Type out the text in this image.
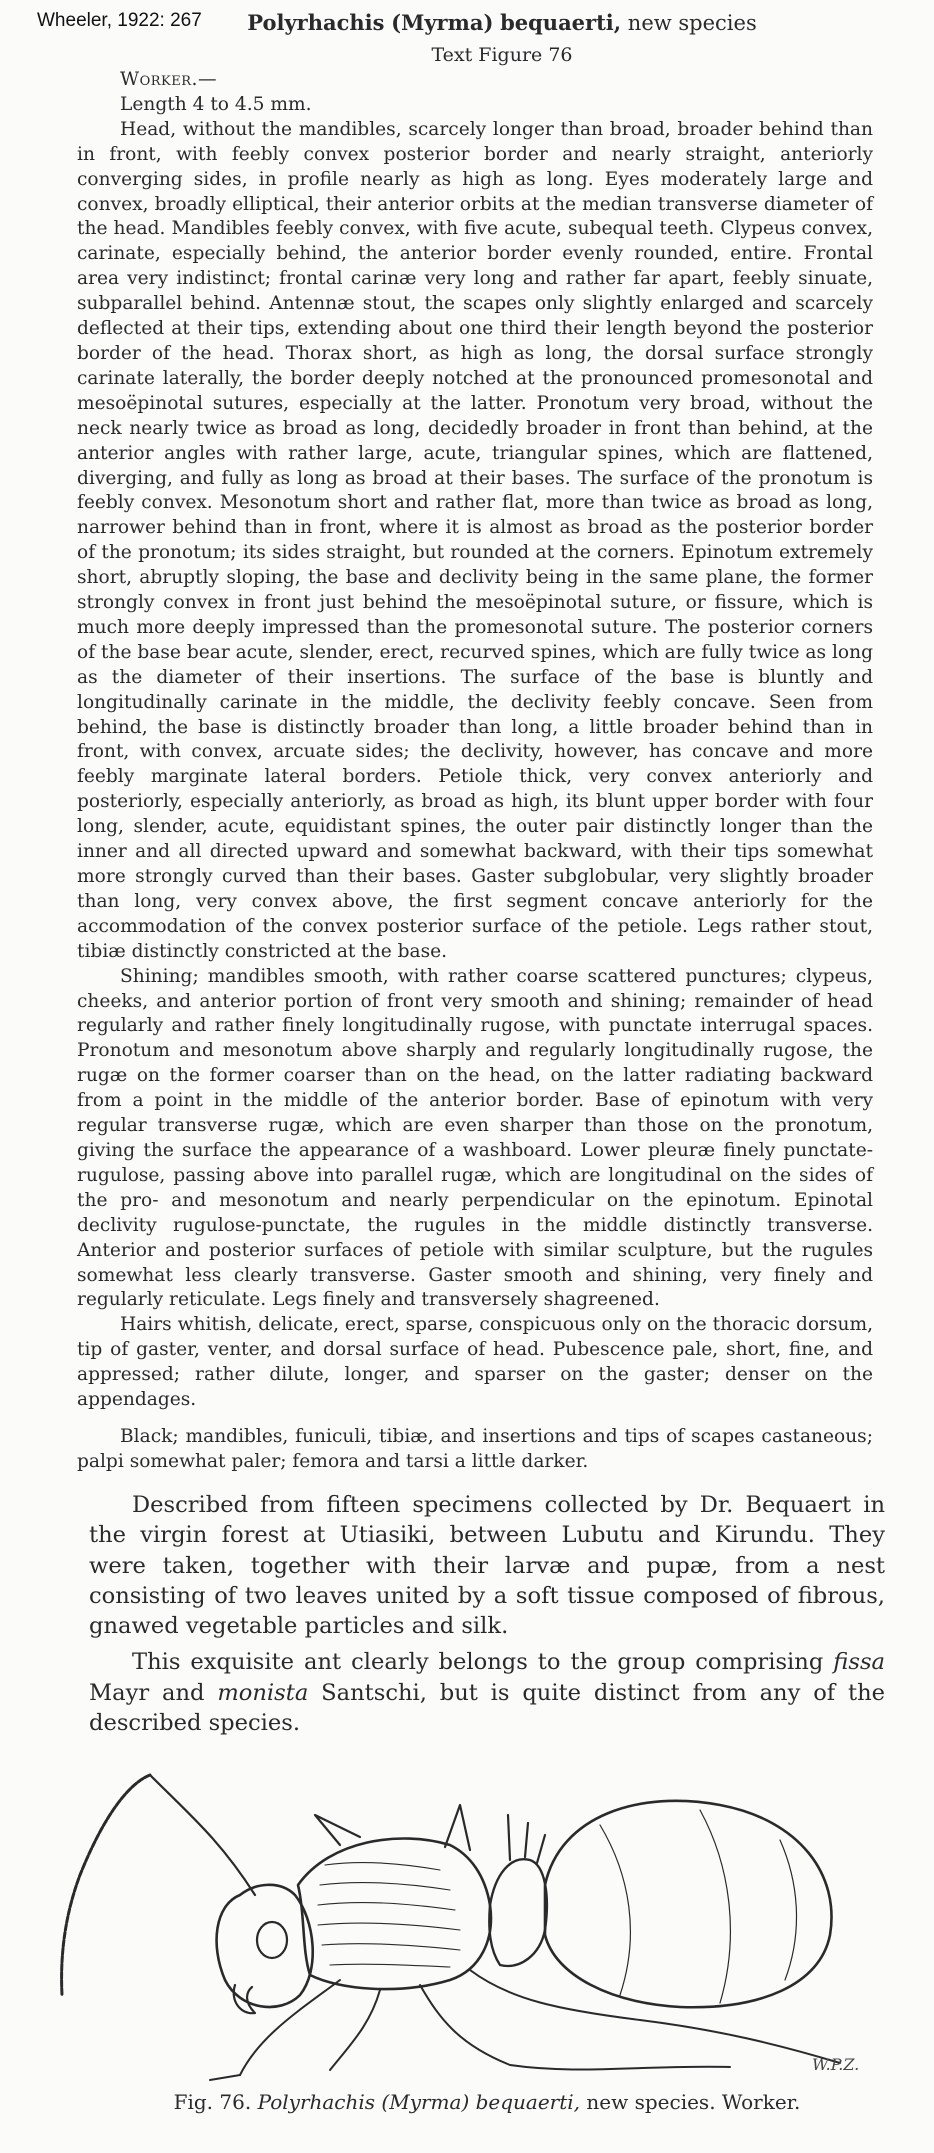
Wheeler, 1922: 267	Polyrhachis (Myrma) bequaerti, new species
Text Figure 76

Worker.—

Length 4 to 4.5 mm.

Head, without the mandibles, scarcely longer than broad, broader behind than in front, with feebly convex posterior border and nearly straight, anteriorly converging sides, in profile nearly as high as long. Eyes moderately large and convex, broadly elliptical, their anterior orbits at the median transverse diameter of the head. Mandibles feebly convex, with five acute, subequal teeth. Clypeus convex, carinate, especially behind, the anterior border evenly rounded, entire. Frontal area very indistinct; frontal carinæ very long and rather far apart, feebly sinuate, subparallel behind. Antennæ stout, the scapes only slightly enlarged and scarcely deflected at their tips, extending about one third their length beyond the posterior border of the head. Thorax short, as high as long, the dorsal surface strongly carinate laterally, the border deeply notched at the pronounced promesonotal and mesoëpinotal sutures, especially at the latter. Pronotum very broad, without the neck nearly twice as broad as long, decidedly broader in front than behind, at the anterior angles with rather large, acute, triangular spines, which are flattened, diverging, and fully as long as broad at their bases. The surface of the pronotum is feebly convex. Mesonotum short and rather flat, more than twice as broad as long, narrower behind than in front, where it is almost as broad as the posterior border of the pronotum; its sides straight, but rounded at the corners. Epinotum extremely short, abruptly sloping, the base and declivity being in the same plane, the former strongly convex in front just behind the mesoëpinotal suture, or fissure, which is much more deeply impressed than the promesonotal suture. The posterior corners of the base bear acute, slender, erect, recurved spines, which are fully twice as long as the diameter of their insertions. The surface of the base is bluntly and longitudinally carinate in the middle, the declivity feebly concave. Seen from behind, the base is distinctly broader than long, a little broader behind than in front, with convex, arcuate sides; the declivity, however, has concave and more feebly marginate lateral borders. Petiole thick, very convex anteriorly and posteriorly, especially anteriorly, as broad as high, its blunt upper border with four long, slender, acute, equidistant spines, the outer pair distinctly longer than the inner and all directed upward and somewhat backward, with their tips somewhat more strongly curved than their bases. Gaster subglobular, very slightly broader than long, very convex above, the first segment concave anteriorly for the accommodation of the convex posterior surface of the petiole. Legs rather stout, tibiæ distinctly constricted at the base.

Shining; mandibles smooth, with rather coarse scattered punctures; clypeus, cheeks, and anterior portion of front very smooth and shining; remainder of head regularly and rather finely longitudinally rugose, with punctate interrugal spaces. Pronotum and mesonotum above sharply and regularly longitudinally rugose, the rugæ on the former coarser than on the head, on the latter radiating backward from a point in the middle of the anterior border. Base of epinotum with very regular transverse rugæ, which are even sharper than those on the pronotum, giving the surface the appearance of a washboard. Lower pleuræ finely punctate-rugulose, passing above into parallel rugæ, which are longitudinal on the sides of the pro- and mesonotum and nearly perpendicular on the epinotum. Epinotal declivity rugulose-punctate, the rugules in the middle distinctly transverse. Anterior and posterior surfaces of petiole with similar sculpture, but the rugules somewhat less clearly transverse. Gaster smooth and shining, very finely and regularly reticulate. Legs finely and transversely shagreened.

Hairs whitish, delicate, erect, sparse, conspicuous only on the thoracic dorsum, tip of gaster, venter, and dorsal surface of head. Pubescence pale, short, fine, and appressed; rather dilute, longer, and sparser on the gaster; denser on the appendages.

Black; mandibles, funiculi, tibiæ, and insertions and tips of scapes castaneous; palpi somewhat paler; femora and tarsi a little darker.

Described from fifteen specimens collected by Dr. Bequaert in the virgin forest at Utiasiki, between Lubutu and Kirundu. They were taken, together with their larvæ and pupæ, from a nest consisting of two leaves united by a soft tissue composed of fibrous, gnawed vegetable particles and silk.

This exquisite ant clearly belongs to the group comprising fissa Mayr and monista Santschi, but is quite distinct from any of the described species.

W.P.Z.
Fig. 76. Polyrhachis (Myrma) bequaerti, new species. Worker.
